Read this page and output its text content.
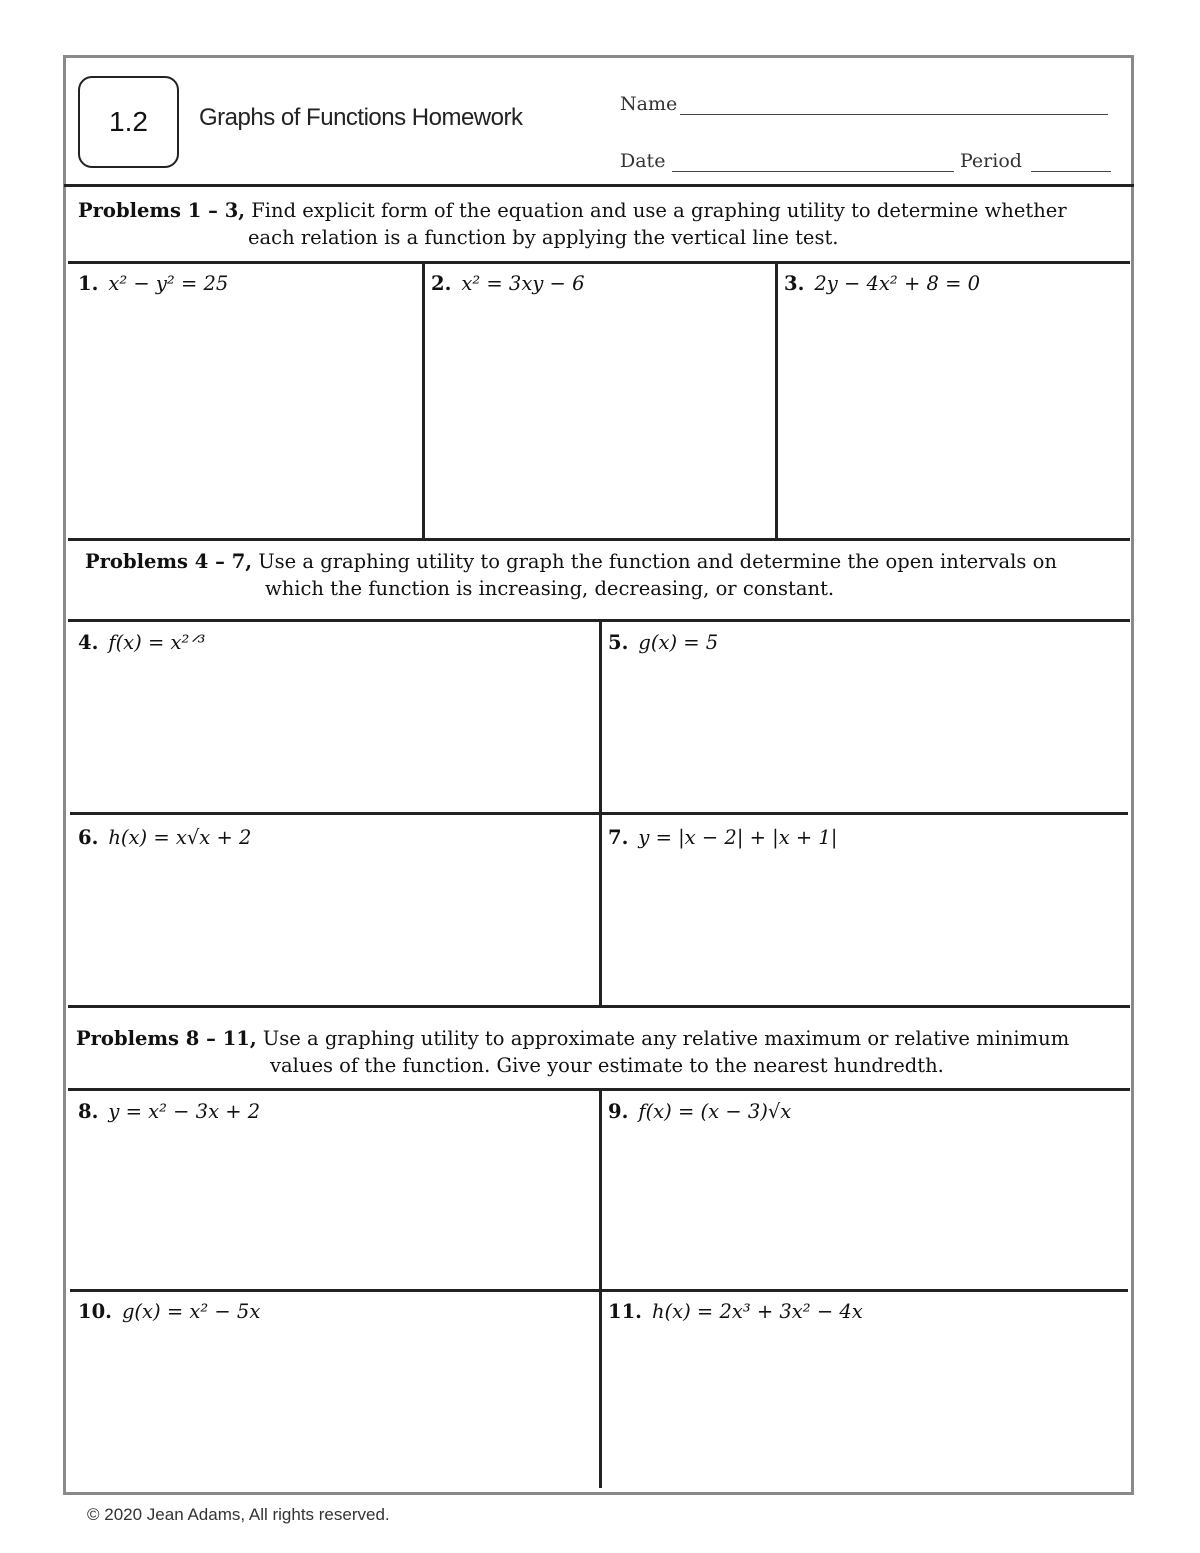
1.2 Graphs of Functions Homework	Name
Date	Period
Problems 1 – 3, Find explicit form of the equation and use a graphing utility to determine whether
each relation is a function by applying the vertical line test.
1. x² − y² = 25	2. x² = 3xy − 6	3. 2y − 4x² + 8 = 0
Problems 4 – 7, Use a graphing utility to graph the function and determine the open intervals on
which the function is increasing, decreasing, or constant.
4. f(x) = x²ᐟ³	5. g(x) = 5
6. h(x) = x√x + 2	7. y = |x − 2| + |x + 1|
Problems 8 – 11, Use a graphing utility to approximate any relative maximum or relative minimum
values of the function. Give your estimate to the nearest hundredth.
8. y = x² − 3x + 2	9. f(x) = (x − 3)√x
10. g(x) = x² − 5x	11. h(x) = 2x³ + 3x² − 4x
© 2020 Jean Adams, All rights reserved.
